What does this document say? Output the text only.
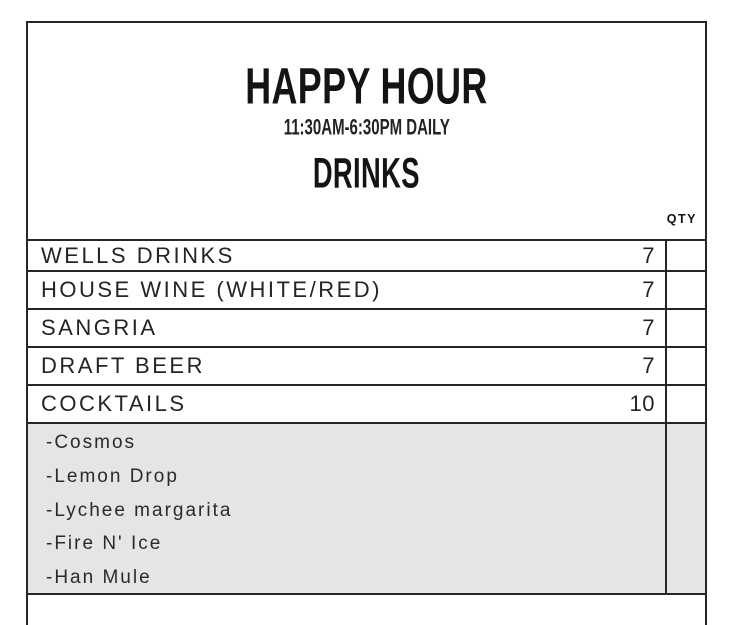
HAPPY HOUR
11:30AM-6:30PM DAILY
DRINKS
QTY
WELLS DRINKS	7
HOUSE WINE (WHITE/RED)	7
SANGRIA	7
DRAFT BEER	7
COCKTAILS	10
-Cosmos
-Lemon Drop
-Lychee margarita
-Fire N' Ice
-Han Mule
